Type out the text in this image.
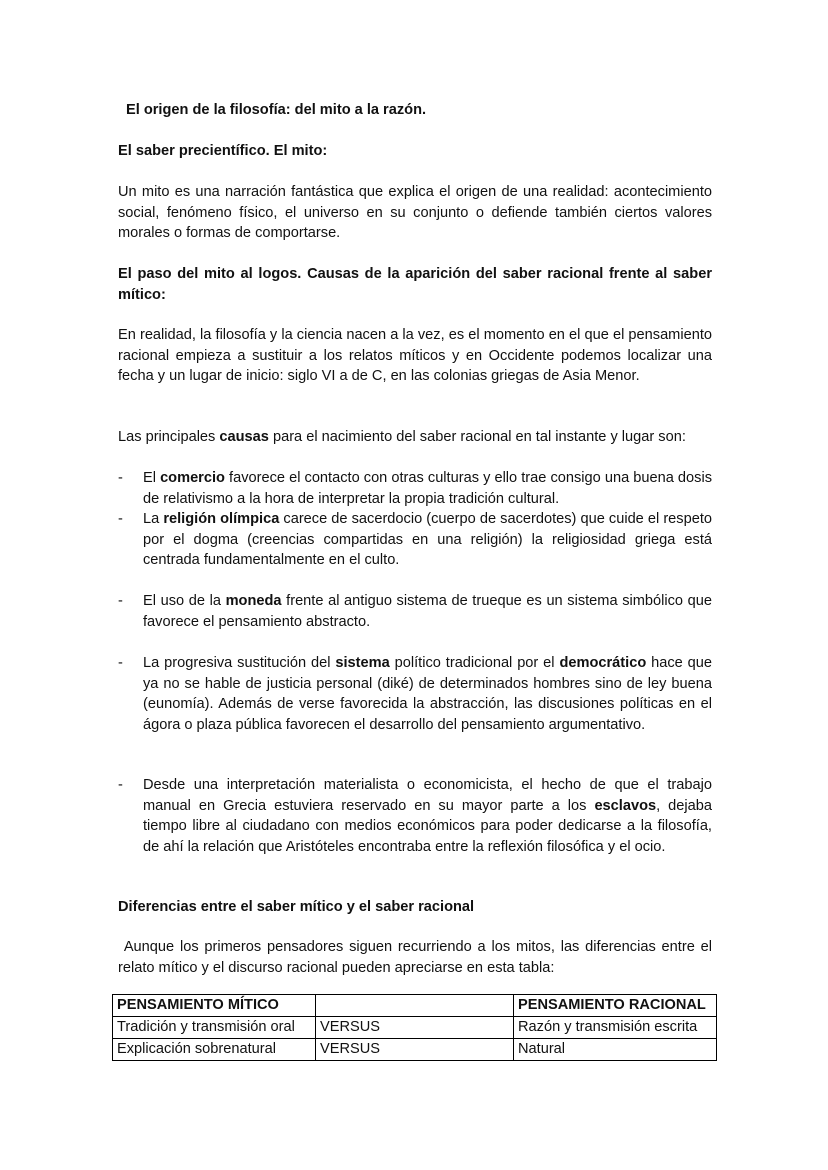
El origen de la filosofía: del mito a la razón.
El saber precientífico. El mito:
Un mito es una narración fantástica que explica el origen de una realidad: acontecimiento social, fenómeno físico, el universo en su conjunto o defiende también ciertos valores morales o formas de comportarse.
El paso del mito al logos. Causas de la aparición del saber racional frente al saber mítico:
En realidad, la filosofía y la ciencia nacen a la vez, es el momento en el que el pensamiento racional empieza a sustituir a los relatos míticos y en Occidente podemos localizar una fecha y un lugar de inicio: siglo VI a de C, en las colonias griegas de Asia Menor.
Las principales causas para el nacimiento del saber racional en tal instante y lugar son:
-	El comercio favorece el contacto con otras culturas y ello trae consigo una buena dosis de relativismo a la hora de interpretar la propia tradición cultural.
-	La religión olímpica carece de sacerdocio (cuerpo de sacerdotes) que cuide el respeto por el dogma (creencias compartidas en una religión) la religiosidad griega está centrada fundamentalmente en el culto.
-	El uso de la moneda frente al antiguo sistema de trueque es un sistema simbólico que favorece el pensamiento abstracto.
-	La progresiva sustitución del sistema político tradicional por el democrático hace que ya no se hable de justicia personal (diké) de determinados hombres sino de ley buena (eunomía). Además de verse favorecida la abstracción, las discusiones políticas en el ágora o plaza pública favorecen el desarrollo del pensamiento argumentativo.
-	Desde una interpretación materialista o economicista, el hecho de que el trabajo manual en Grecia estuviera reservado en su mayor parte a los esclavos, dejaba tiempo libre al ciudadano con medios económicos para poder dedicarse a la filosofía, de ahí la relación que Aristóteles encontraba entre la reflexión filosófica y el ocio.
Diferencias entre el saber mítico y el saber racional
Aunque los primeros pensadores siguen recurriendo a los mitos, las diferencias entre el relato mítico y el discurso racional pueden apreciarse en esta tabla:
PENSAMIENTO MÍTICO		PENSAMIENTO RACIONAL
Tradición y transmisión oral	VERSUS	Razón y transmisión escrita
Explicación sobrenatural	VERSUS	Natural
